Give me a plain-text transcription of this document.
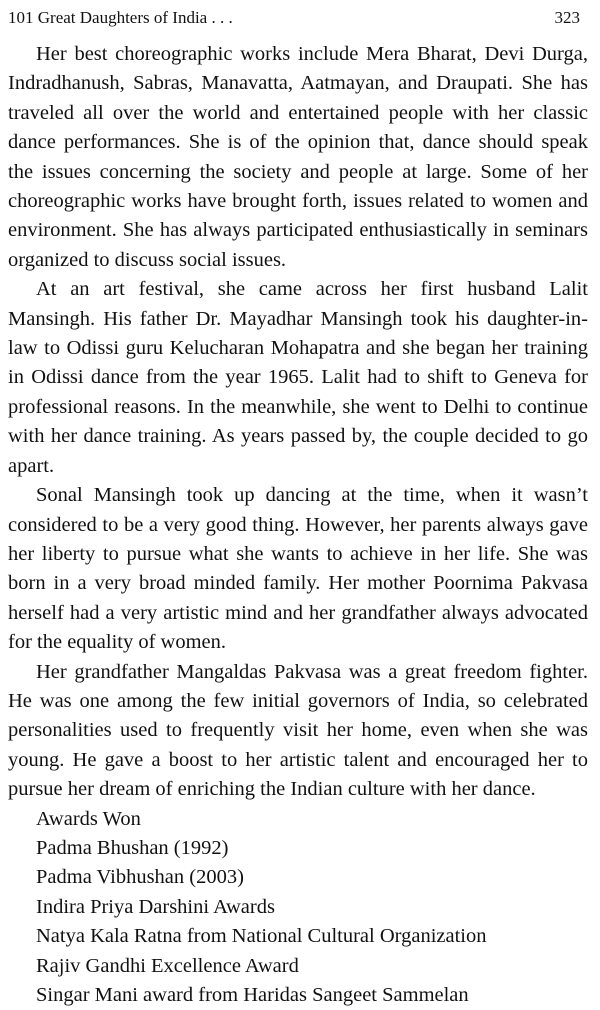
101 Great Daughters of India . . .	323

Her best choreographic works include Mera Bharat, Devi Durga, Indradhanush, Sabras, Manavatta, Aatmayan, and Draupati. She has traveled all over the world and entertained people with her classic dance performances. She is of the opinion that, dance should speak the issues concerning the society and people at large. Some of her choreographic works have brought forth, issues related to women and environment. She has always participated enthusiastically in seminars organized to discuss social issues.

At an art festival, she came across her first husband Lalit Mansingh. His father Dr. Mayadhar Mansingh took his daughter-in-law to Odissi guru Kelucharan Mohapatra and she began her training in Odissi dance from the year 1965. Lalit had to shift to Geneva for professional reasons. In the meanwhile, she went to Delhi to continue with her dance training. As years passed by, the couple decided to go apart.

Sonal Mansingh took up dancing at the time, when it wasn’t considered to be a very good thing. However, her parents always gave her liberty to pursue what she wants to achieve in her life. She was born in a very broad minded family. Her mother Poornima Pakvasa herself had a very artistic mind and her grandfather always advocated for the equality of women.

Her grandfather Mangaldas Pakvasa was a great freedom fighter. He was one among the few initial governors of India, so celebrated personalities used to frequently visit her home, even when she was young. He gave a boost to her artistic talent and encouraged her to pursue her dream of enriching the Indian culture with her dance.

Awards Won
Padma Bhushan (1992)
Padma Vibhushan (2003)
Indira Priya Darshini Awards
Natya Kala Ratna from National Cultural Organization
Rajiv Gandhi Excellence Award
Singar Mani award from Haridas Sangeet Sammelan
